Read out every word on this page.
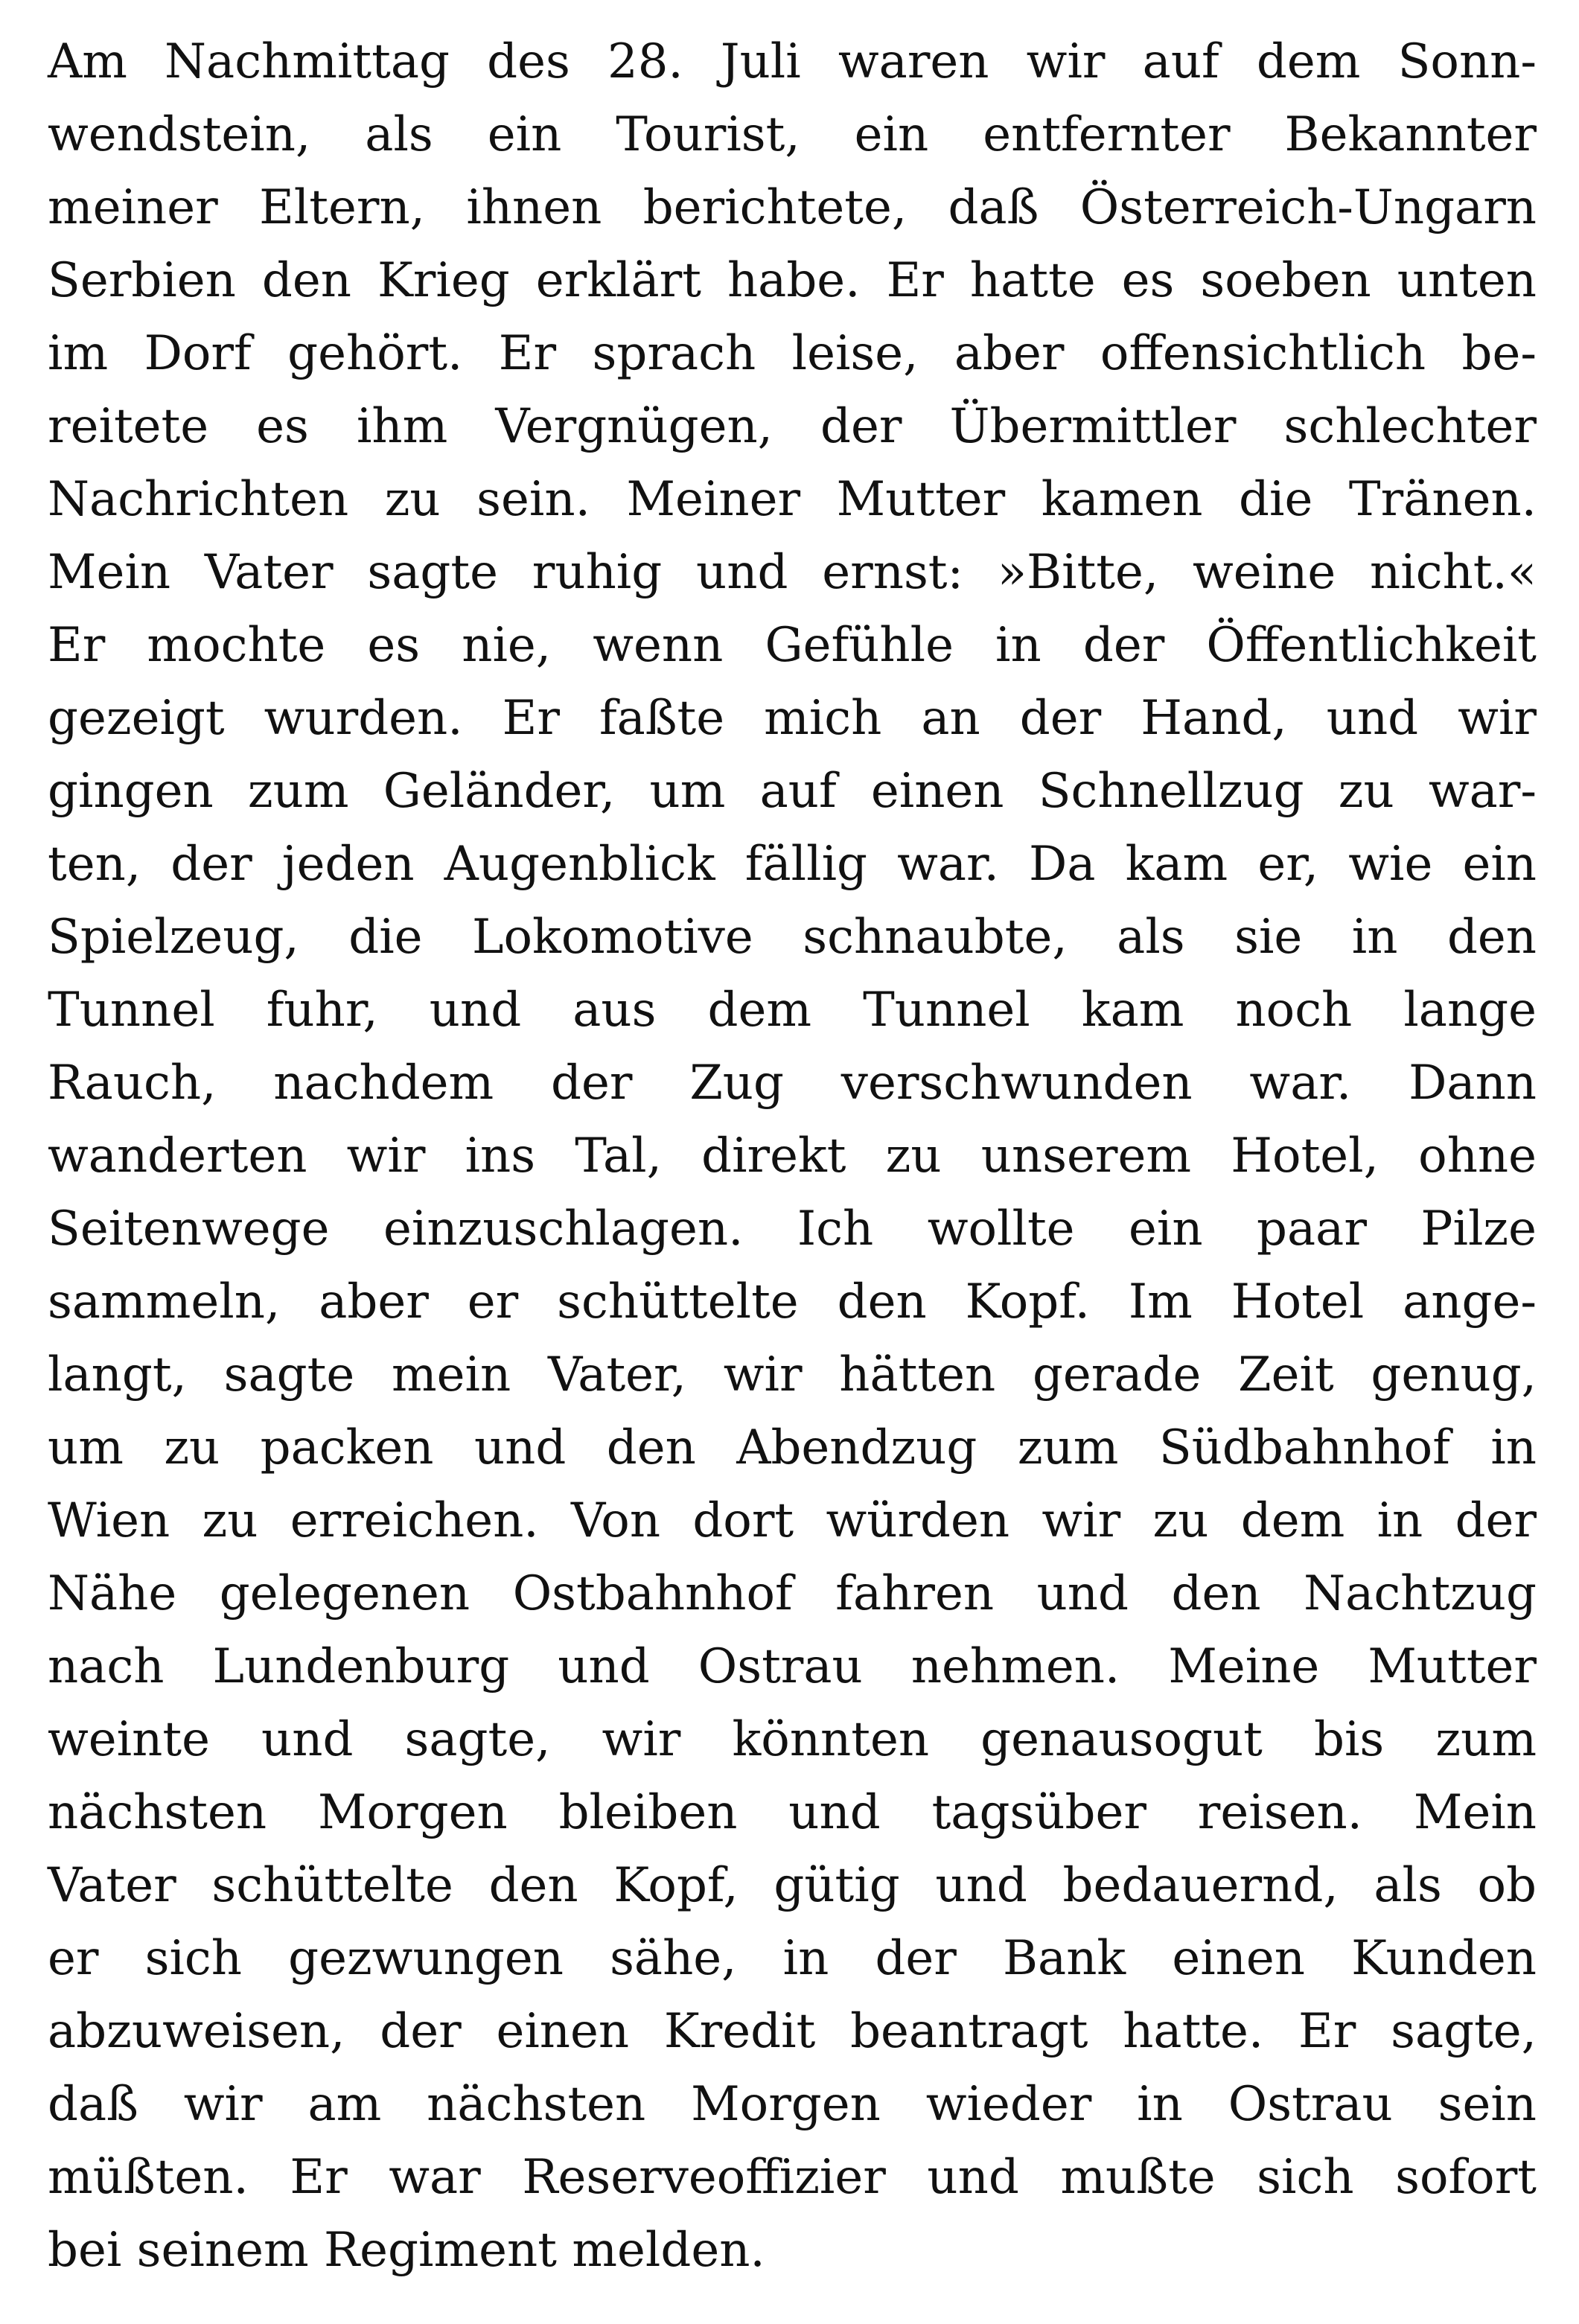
Am Nachmittag des 28. Juli waren wir auf dem Sonn-
wendstein, als ein Tourist, ein entfernter Bekannter
meiner Eltern, ihnen berichtete, daß Österreich-Ungarn
Serbien den Krieg erklärt habe. Er hatte es soeben unten
im Dorf gehört. Er sprach leise, aber offensichtlich be-
reitete es ihm Vergnügen, der Übermittler schlechter
Nachrichten zu sein. Meiner Mutter kamen die Tränen.
Mein Vater sagte ruhig und ernst: »Bitte, weine nicht.«
Er mochte es nie, wenn Gefühle in der Öffentlichkeit
gezeigt wurden. Er faßte mich an der Hand, und wir
gingen zum Geländer, um auf einen Schnellzug zu war-
ten, der jeden Augenblick fällig war. Da kam er, wie ein
Spielzeug, die Lokomotive schnaubte, als sie in den
Tunnel fuhr, und aus dem Tunnel kam noch lange
Rauch, nachdem der Zug verschwunden war. Dann
wanderten wir ins Tal, direkt zu unserem Hotel, ohne
Seitenwege einzuschlagen. Ich wollte ein paar Pilze
sammeln, aber er schüttelte den Kopf. Im Hotel ange-
langt, sagte mein Vater, wir hätten gerade Zeit genug,
um zu packen und den Abendzug zum Südbahnhof in
Wien zu erreichen. Von dort würden wir zu dem in der
Nähe gelegenen Ostbahnhof fahren und den Nachtzug
nach Lundenburg und Ostrau nehmen. Meine Mutter
weinte und sagte, wir könnten genausogut bis zum
nächsten Morgen bleiben und tagsüber reisen. Mein
Vater schüttelte den Kopf, gütig und bedauernd, als ob
er sich gezwungen sähe, in der Bank einen Kunden
abzuweisen, der einen Kredit beantragt hatte. Er sagte,
daß wir am nächsten Morgen wieder in Ostrau sein
müßten. Er war Reserveoffizier und mußte sich sofort
bei seinem Regiment melden.
